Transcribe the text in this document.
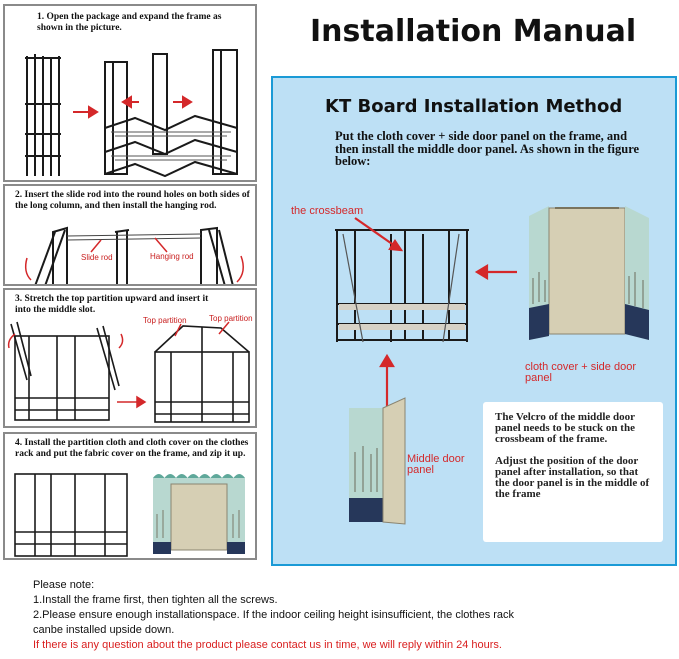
Installation Manual
1. Open the package and expand the frame as shown in the picture.
2. Insert the slide rod into the round holes on both sides of the long column, and then install the hanging rod.
Slide rod	Hanging rod
3. Stretch the top partition upward and insert it into the middle slot.
Top partition	Top partition
4. Install the partition cloth and cloth cover on the clothes rack and put the fabric cover on the frame, and zip it up.
KT Board Installation Method
Put the cloth cover + side door panel on the frame, and then install the middle door panel. As shown in the figure below:
the crossbeam
cloth cover + side door panel
Middle door panel

The Velcro of the middle door panel needs to be stuck on the crossbeam of the frame.

Adjust the position of the door panel after installation, so that the door panel is in the middle of the frame

Please note:
1.Install the frame first, then tighten all the screws.
2.Please ensure enough installationspace. If the indoor ceiling height isinsufficient, the clothes rack
canbe installed upside down.
If there is any question about the product please contact us in time, we will reply within 24 hours.
